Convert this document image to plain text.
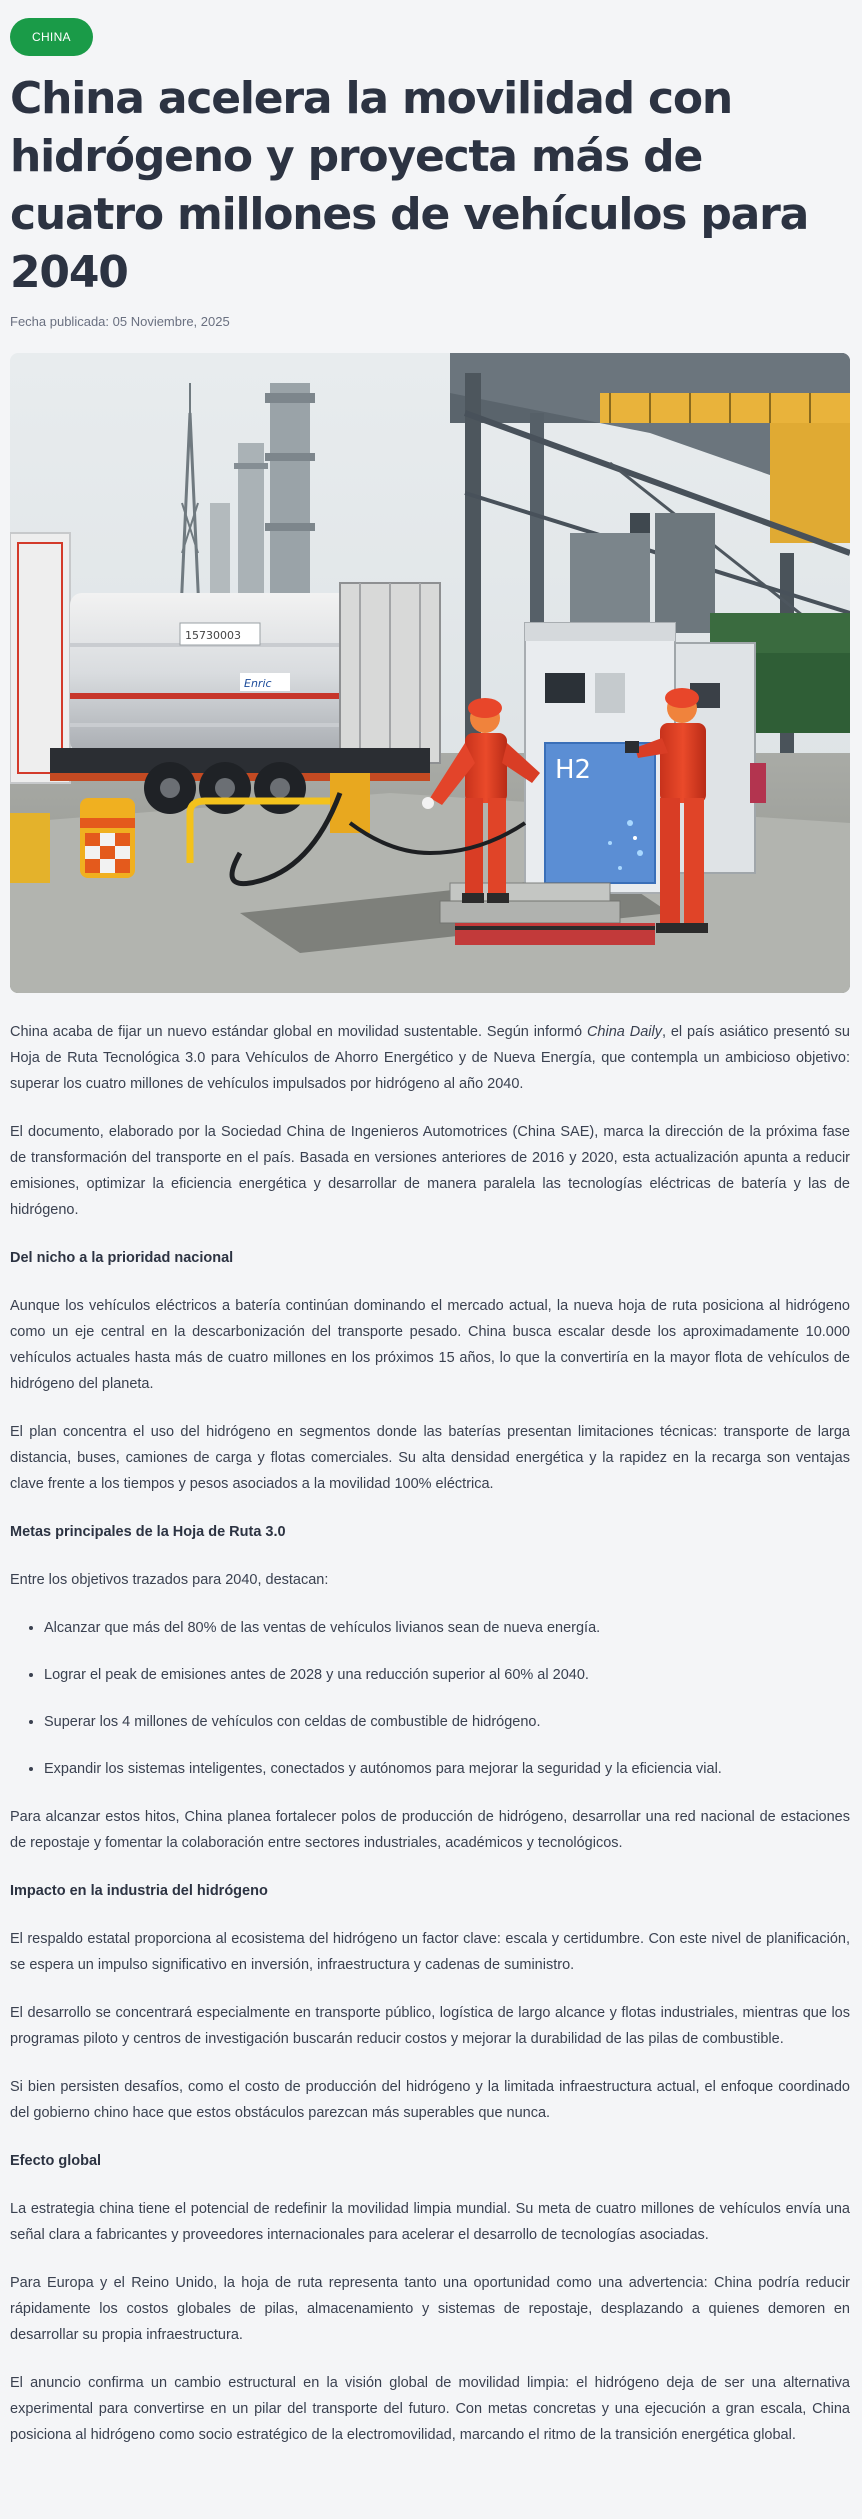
CHINA
China acelera la movilidad con hidrógeno y proyecta más de cuatro millones de vehículos para 2040
Fecha publicada: 05 Noviembre, 2025
15730003
Enric
H2

China acaba de fijar un nuevo estándar global en movilidad sustentable. Según informó China Daily, el país asiático presentó su Hoja de Ruta Tecnológica 3.0 para Vehículos de Ahorro Energético y de Nueva Energía, que contempla un ambicioso objetivo: superar los cuatro millones de vehículos impulsados por hidrógeno al año 2040.

El documento, elaborado por la Sociedad China de Ingenieros Automotrices (China SAE), marca la dirección de la próxima fase de transformación del transporte en el país. Basada en versiones anteriores de 2016 y 2020, esta actualización apunta a reducir emisiones, optimizar la eficiencia energética y desarrollar de manera paralela las tecnologías eléctricas de batería y las de hidrógeno.

Del nicho a la prioridad nacional

Aunque los vehículos eléctricos a batería continúan dominando el mercado actual, la nueva hoja de ruta posiciona al hidrógeno como un eje central en la descarbonización del transporte pesado. China busca escalar desde los aproximadamente 10.000 vehículos actuales hasta más de cuatro millones en los próximos 15 años, lo que la convertiría en la mayor flota de vehículos de hidrógeno del planeta.

El plan concentra el uso del hidrógeno en segmentos donde las baterías presentan limitaciones técnicas: transporte de larga distancia, buses, camiones de carga y flotas comerciales. Su alta densidad energética y la rapidez en la recarga son ventajas clave frente a los tiempos y pesos asociados a la movilidad 100% eléctrica.

Metas principales de la Hoja de Ruta 3.0

Entre los objetivos trazados para 2040, destacan:

• Alcanzar que más del 80% de las ventas de vehículos livianos sean de nueva energía.
• Lograr el peak de emisiones antes de 2028 y una reducción superior al 60% al 2040.
• Superar los 4 millones de vehículos con celdas de combustible de hidrógeno.
• Expandir los sistemas inteligentes, conectados y autónomos para mejorar la seguridad y la eficiencia vial.

Para alcanzar estos hitos, China planea fortalecer polos de producción de hidrógeno, desarrollar una red nacional de estaciones de repostaje y fomentar la colaboración entre sectores industriales, académicos y tecnológicos.

Impacto en la industria del hidrógeno

El respaldo estatal proporciona al ecosistema del hidrógeno un factor clave: escala y certidumbre. Con este nivel de planificación, se espera un impulso significativo en inversión, infraestructura y cadenas de suministro.

El desarrollo se concentrará especialmente en transporte público, logística de largo alcance y flotas industriales, mientras que los programas piloto y centros de investigación buscarán reducir costos y mejorar la durabilidad de las pilas de combustible.

Si bien persisten desafíos, como el costo de producción del hidrógeno y la limitada infraestructura actual, el enfoque coordinado del gobierno chino hace que estos obstáculos parezcan más superables que nunca.

Efecto global

La estrategia china tiene el potencial de redefinir la movilidad limpia mundial. Su meta de cuatro millones de vehículos envía una señal clara a fabricantes y proveedores internacionales para acelerar el desarrollo de tecnologías asociadas.

Para Europa y el Reino Unido, la hoja de ruta representa tanto una oportunidad como una advertencia: China podría reducir rápidamente los costos globales de pilas, almacenamiento y sistemas de repostaje, desplazando a quienes demoren en desarrollar su propia infraestructura.

El anuncio confirma un cambio estructural en la visión global de movilidad limpia: el hidrógeno deja de ser una alternativa experimental para convertirse en un pilar del transporte del futuro. Con metas concretas y una ejecución a gran escala, China posiciona al hidrógeno como socio estratégico de la electromovilidad, marcando el ritmo de la transición energética global.
